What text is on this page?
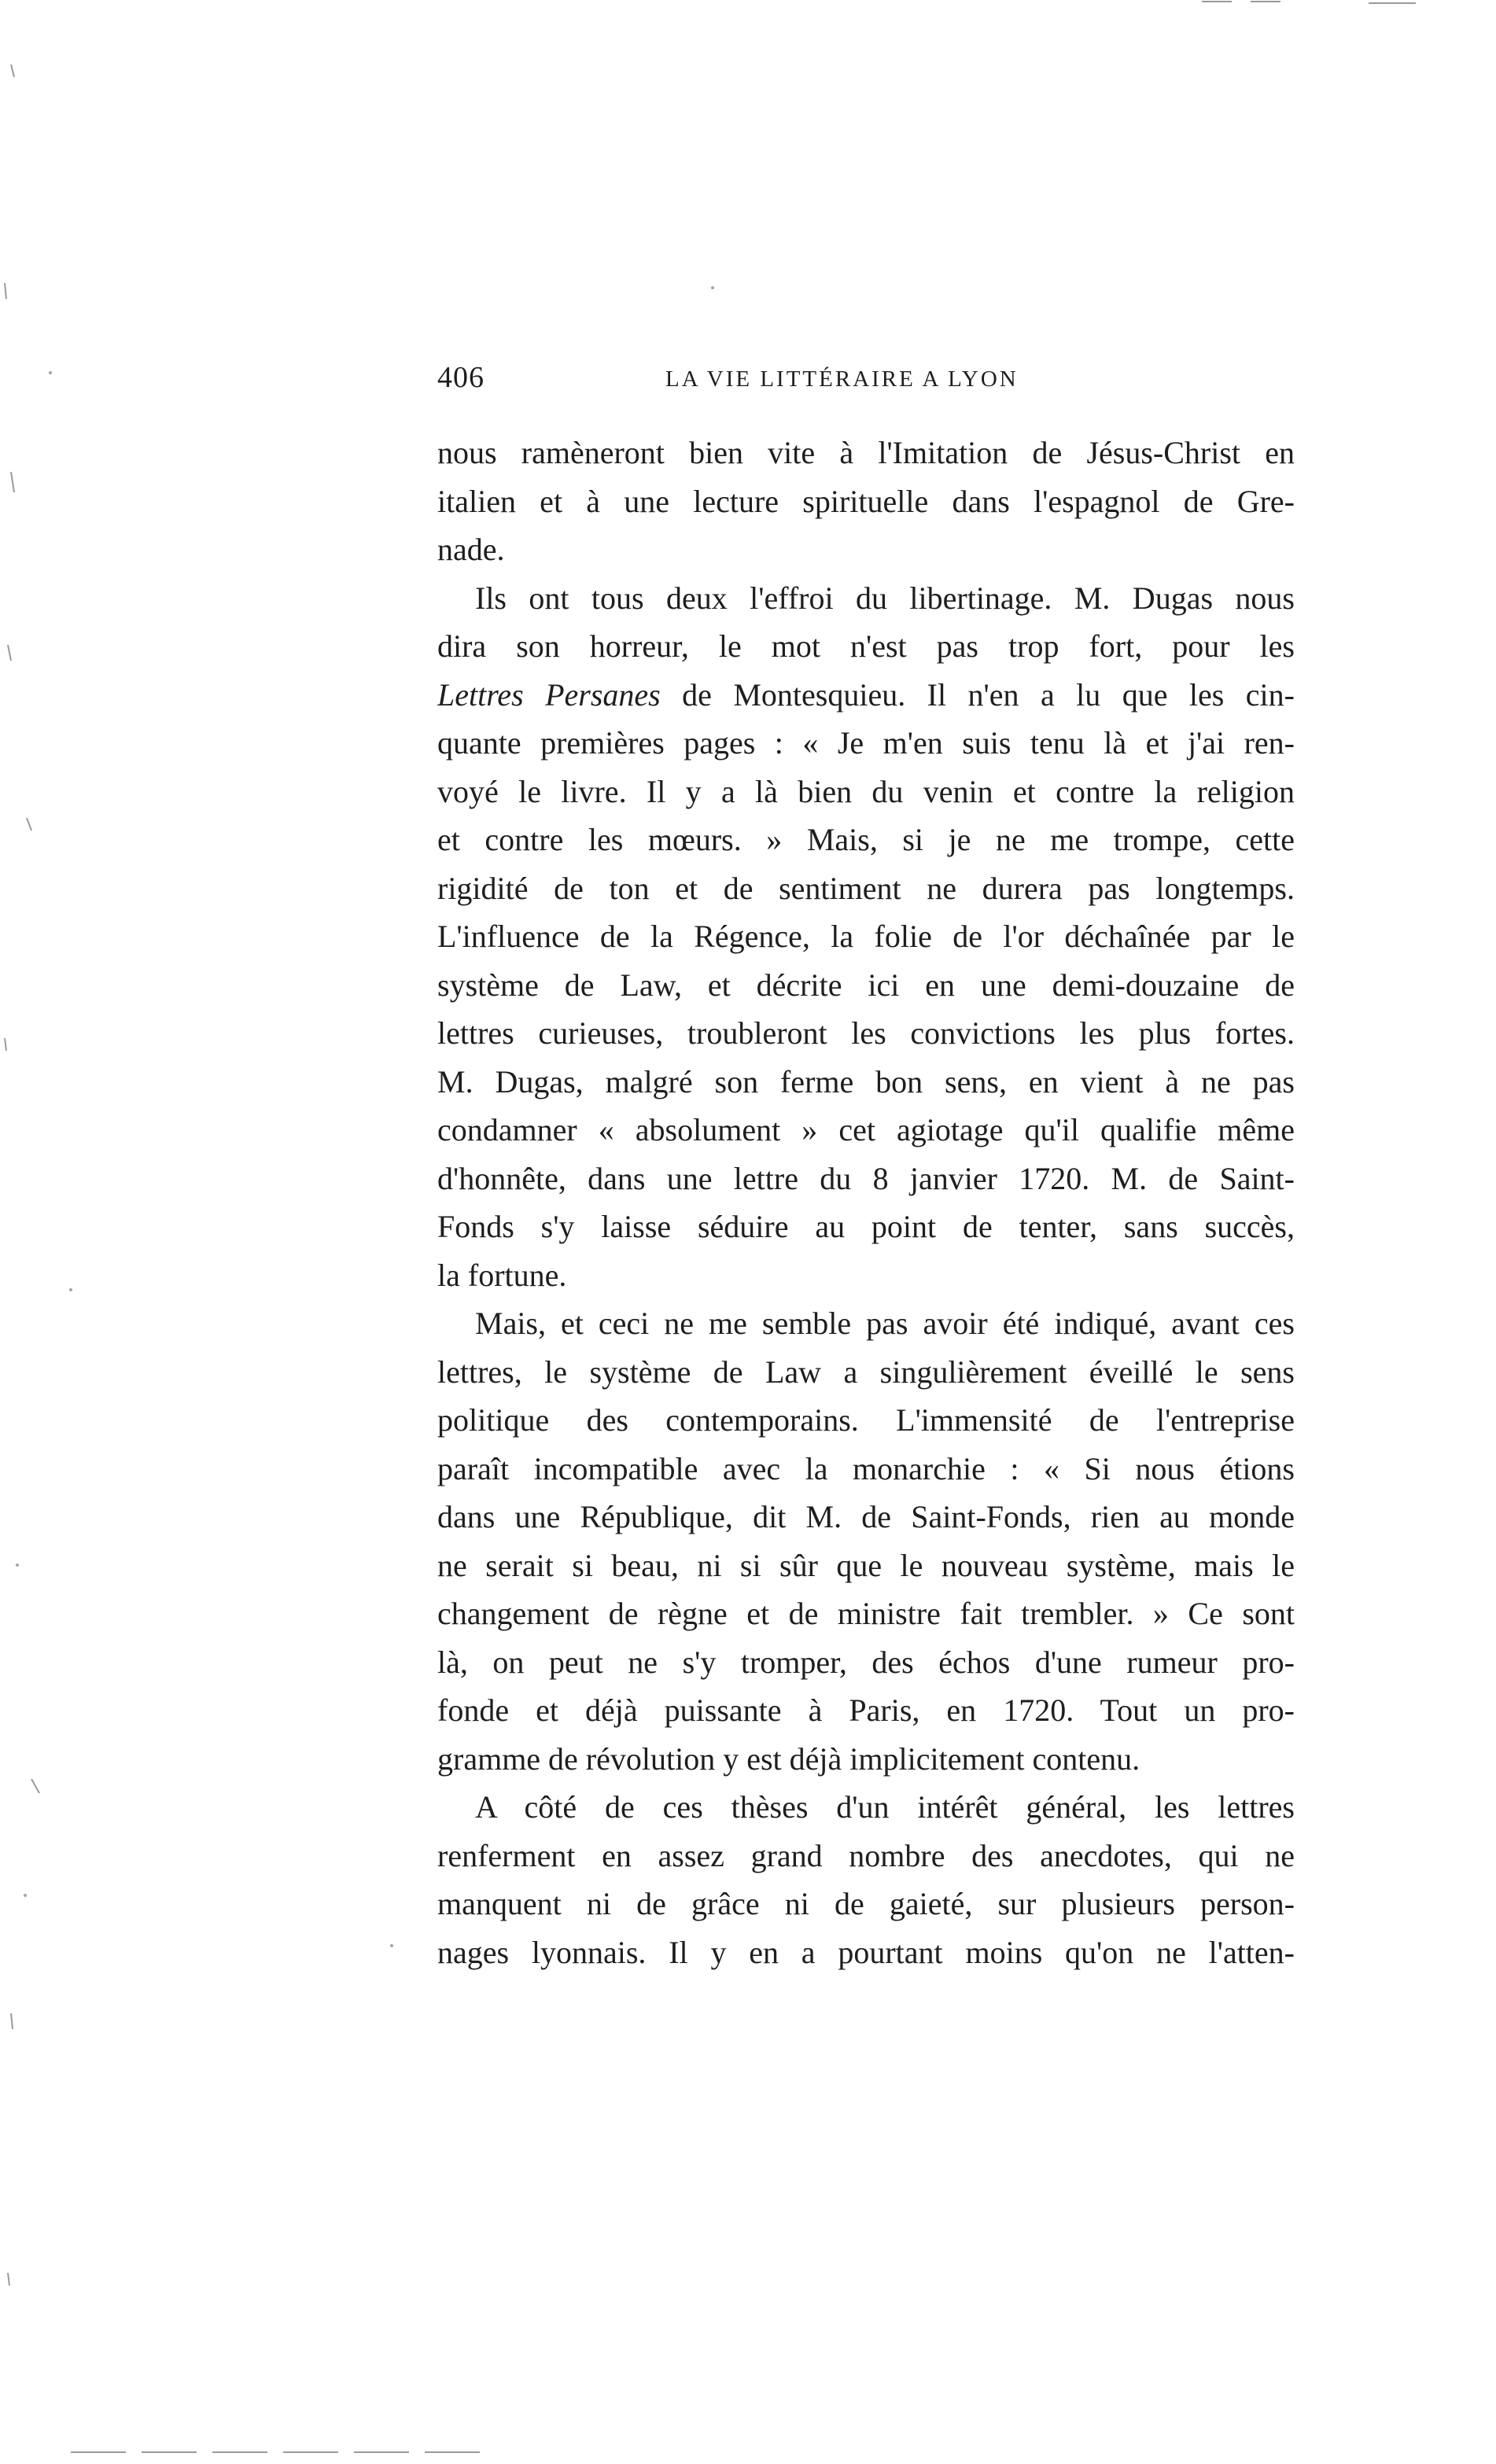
406	LA VIE LITTÉRAIRE A LYON
nous ramèneront bien vite à l'Imitation de Jésus-Christ en
italien et à une lecture spirituelle dans l'espagnol de Gre-
nade.
Ils ont tous deux l'effroi du libertinage. M. Dugas nous
dira son horreur, le mot n'est pas trop fort, pour les
Lettres Persanes de Montesquieu. Il n'en a lu que les cin-
quante premières pages : « Je m'en suis tenu là et j'ai ren-
voyé le livre. Il y a là bien du venin et contre la religion
et contre les mœurs. » Mais, si je ne me trompe, cette
rigidité de ton et de sentiment ne durera pas longtemps.
L'influence de la Régence, la folie de l'or déchaînée par le
système de Law, et décrite ici en une demi-douzaine de
lettres curieuses, troubleront les convictions les plus fortes.
M. Dugas, malgré son ferme bon sens, en vient à ne pas
condamner « absolument » cet agiotage qu'il qualifie même
d'honnête, dans une lettre du 8 janvier 1720. M. de Saint-
Fonds s'y laisse séduire au point de tenter, sans succès,
la fortune.
Mais, et ceci ne me semble pas avoir été indiqué, avant ces
lettres, le système de Law a singulièrement éveillé le sens
politique des contemporains. L'immensité de l'entreprise
paraît incompatible avec la monarchie : « Si nous étions
dans une République, dit M. de Saint-Fonds, rien au monde
ne serait si beau, ni si sûr que le nouveau système, mais le
changement de règne et de ministre fait trembler. » Ce sont
là, on peut ne s'y tromper, des échos d'une rumeur pro-
fonde et déjà puissante à Paris, en 1720. Tout un pro-
gramme de révolution y est déjà implicitement contenu.
A côté de ces thèses d'un intérêt général, les lettres
renferment en assez grand nombre des anecdotes, qui ne
manquent ni de grâce ni de gaieté, sur plusieurs person-
nages lyonnais. Il y en a pourtant moins qu'on ne l'atten-
